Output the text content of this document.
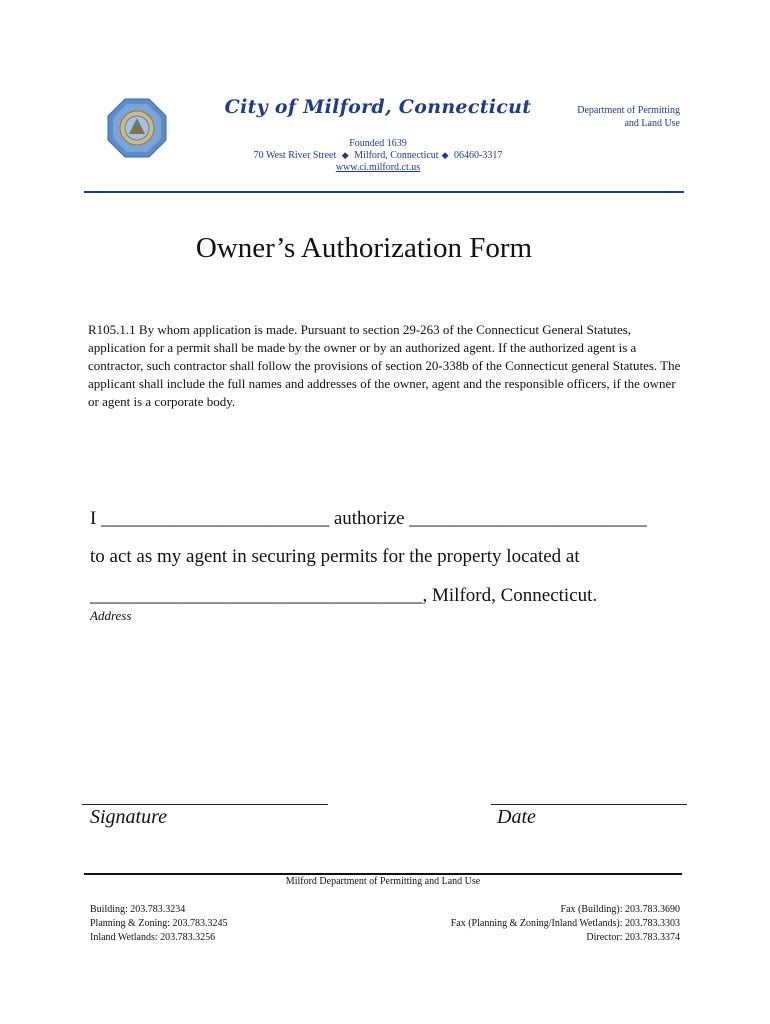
City of Milford, Connecticut	Department of Permitting
and Land Use
Founded 1639
70 West River Street ◆ Milford, Connecticut ◆ 06460-3317
www.ci.milford.ct.us
Owner’s Authorization Form
R105.1.1 By whom application is made. Pursuant to section 29-263 of the Connecticut General Statutes, application for a permit shall be made by the owner or by an authorized agent. If the authorized agent is a contractor, such contractor shall follow the provisions of section 20-338b of the Connecticut general Statutes. The applicant shall include the full names and addresses of the owner, agent and the responsible officers, if the owner or agent is a corporate body.
I ________________________ authorize _________________________
to act as my agent in securing permits for the property located at
___________________________________, Milford, Connecticut.
Address
Signature	Date
Milford Department of Permitting and Land Use
Building: 203.783.3234
Planning & Zoning: 203.783.3245
Inland Wetlands: 203.783.3256
Fax (Building): 203.783.3690
Fax (Planning & Zoning/Inland Wetlands): 203.783.3303
Director: 203.783.3374
